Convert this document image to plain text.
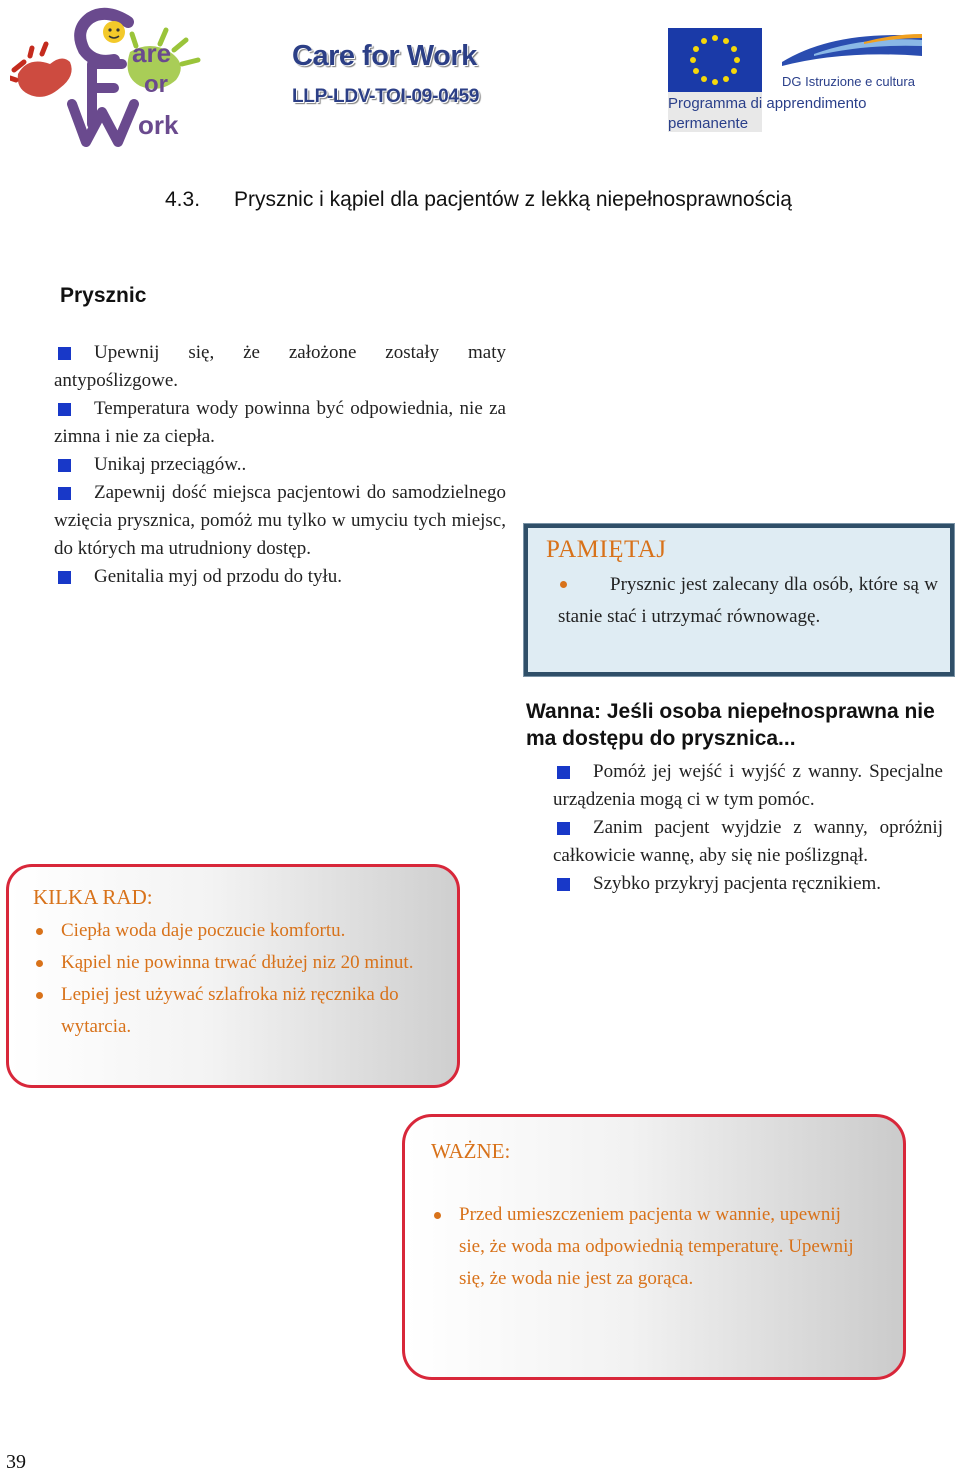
are
or
ork
Care for Work
LLP-LDV-TOI-09-0459
DG Istruzione e cultura
Programma di apprendimento
permanente
4.3. Prysznic i kąpiel dla pacjentów z lekką niepełnosprawnością
Prysznic

Upewnij się, że założone zostały maty antypoślizgowe.

Temperatura wody powinna być odpowiednia, nie za zimna i nie za ciepła.

Unikaj przeciągów..

Zapewnij dość miejsca pacjentowi do samodzielnego wzięcia prysznica, pomóż mu tylko w umyciu tych miejsc, do których ma utrudniony dostęp.

Genitalia myj od przodu do tyłu.

PAMIĘTAJ
Prysznic jest zalecany dla osób, które są w stanie stać i utrzymać równowagę.
Wanna: Jeśli osoba niepełnosprawna nie ma dostępu do prysznica...

Pomóż jej wejść i wyjść z wanny. Specjalne urządzenia mogą ci w tym pomóc.

Zanim pacjent wyjdzie z wanny, opróżnij całkowicie wannę, aby się nie poślizgnął.

Szybko przykryj pacjenta ręcznikiem.

KILKA RAD:
Ciepła woda daje poczucie komfortu.
Kąpiel nie powinna trwać dłużej niz 20 minut.
Lepiej jest używać szlafroka niż ręcznika do wytarcia.
WAŻNE:
Przed umieszczeniem pacjenta w wannie, upewnij sie, że woda ma odpowiednią temperaturę. Upewnij się, że woda nie jest za gorąca.
39
